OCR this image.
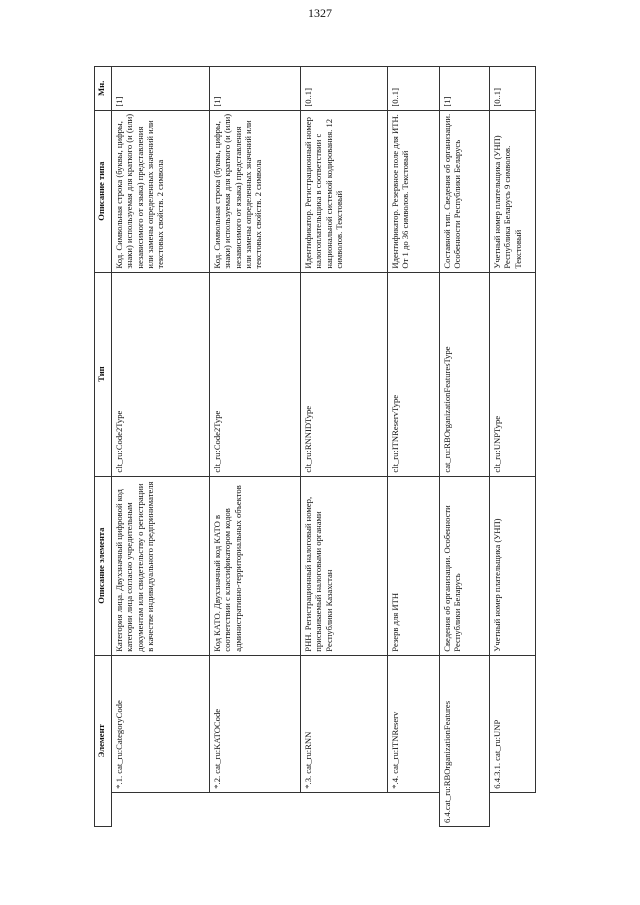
1327
Элемент		Описание элемента	Тип	Описание типа	Мн.
	*.1. cat_ru:CategoryCode	Категория лица. Двухзначный цифровой код категории лица согласно учредительным документам или свидетельству о регистрации в качестве индивидуального предпринимателя	clt_ru:Code2Type	Код. Символьная строка (буквы, цифры, знаки) используемая для краткого (и (или) независимого от языка) представления или замены определенных значений или текстовых свойств. 2 символа	[1]
	*.2. cat_ru:KATOCode	Код КАТО. Двухзначный код КАТО в соответствии с классификатором кодов административно-территориальных объектов	clt_ru:Code2Type	Код. Символьная строка (буквы, цифры, знаки) используемая для краткого (и (или) независимого от языка) представления или замены определенных значений или текстовых свойств. 2 символа	[1]
	*.3. cat_ru:RNN	РНН. Регистрационный налоговый номер, присваиваемый налоговыми органами Республики Казахстан	clt_ru:RNNIDType	Идентификатор. Регистрационный номер налогоплательщика в соответствии с национальной системой кодирования. 12 символов. Текстовый	[0..1]
	*.4. cat_ru:ITNReserv	Резерв для ИТН	clt_ru:ITNReservType	Идентификатор. Резервное поле для ИТН. От 1 до 36 символов. Текстовый	[0..1]
6.4.cat_ru:RBOrganizationFeatures		Сведения об организации. Особенности Республики Беларусь	cat_ru:RBOrganizationFeaturesType	Составной тип. Сведения об организации. Особенности Республики Беларусь	[1]
	6.4.3.1. cat_ru:UNP	Учетный номер плательщика (УНП)	clt_ru:UNPType	Учетный номер плательщика (УНП) Республика Беларусь 9 символов. Текстовый	[0..1]
